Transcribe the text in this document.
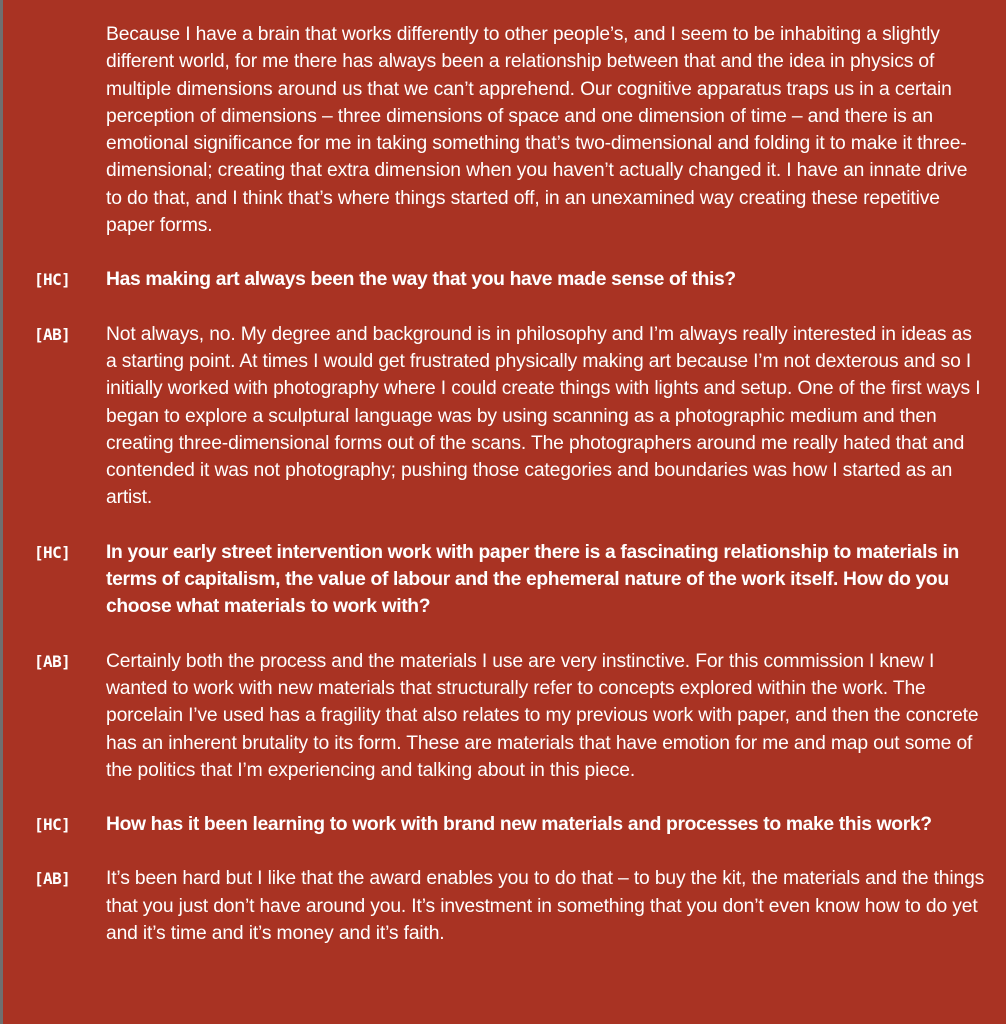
Because I have a brain that works differently to other people’s, and I seem to be inhabiting a slightly different world, for me there has always been a relationship between that and the idea in physics of multiple dimensions around us that we can’t apprehend. Our cognitive apparatus traps us in a certain perception of dimensions – three dimensions of space and one dimension of time – and there is an emotional significance for me in taking something that’s two-dimensional and folding it to make it three-dimensional; creating that extra dimension when you haven’t actually changed it. I have an innate drive to do that, and I think that’s where things started off, in an unexamined way creating these repetitive paper forms.
[HC] Has making art always been the way that you have made sense of this?
[AB] Not always, no. My degree and background is in philosophy and I’m always really interested in ideas as a starting point. At times I would get frustrated physically making art because I’m not dexterous and so I initially worked with photography where I could create things with lights and setup. One of the first ways I began to explore a sculptural language was by using scanning as a photographic medium and then creating three-dimensional forms out of the scans. The photographers around me really hated that and contended it was not photography; pushing those categories and boundaries was how I started as an artist.
[HC] In your early street intervention work with paper there is a fascinating relationship to materials in terms of capitalism, the value of labour and the ephemeral nature of the work itself. How do you choose what materials to work with?
[AB] Certainly both the process and the materials I use are very instinctive. For this commission I knew I wanted to work with new materials that structurally refer to concepts explored within the work. The porcelain I’ve used has a fragility that also relates to my previous work with paper, and then the concrete has an inherent brutality to its form. These are materials that have emotion for me and map out some of the politics that I’m experiencing and talking about in this piece.
[HC] How has it been learning to work with brand new materials and processes to make this work?
[AB] It’s been hard but I like that the award enables you to do that – to buy the kit, the materials and the things that you just don’t have around you. It’s investment in something that you don’t even know how to do yet and it’s time and it’s money and it’s faith.
